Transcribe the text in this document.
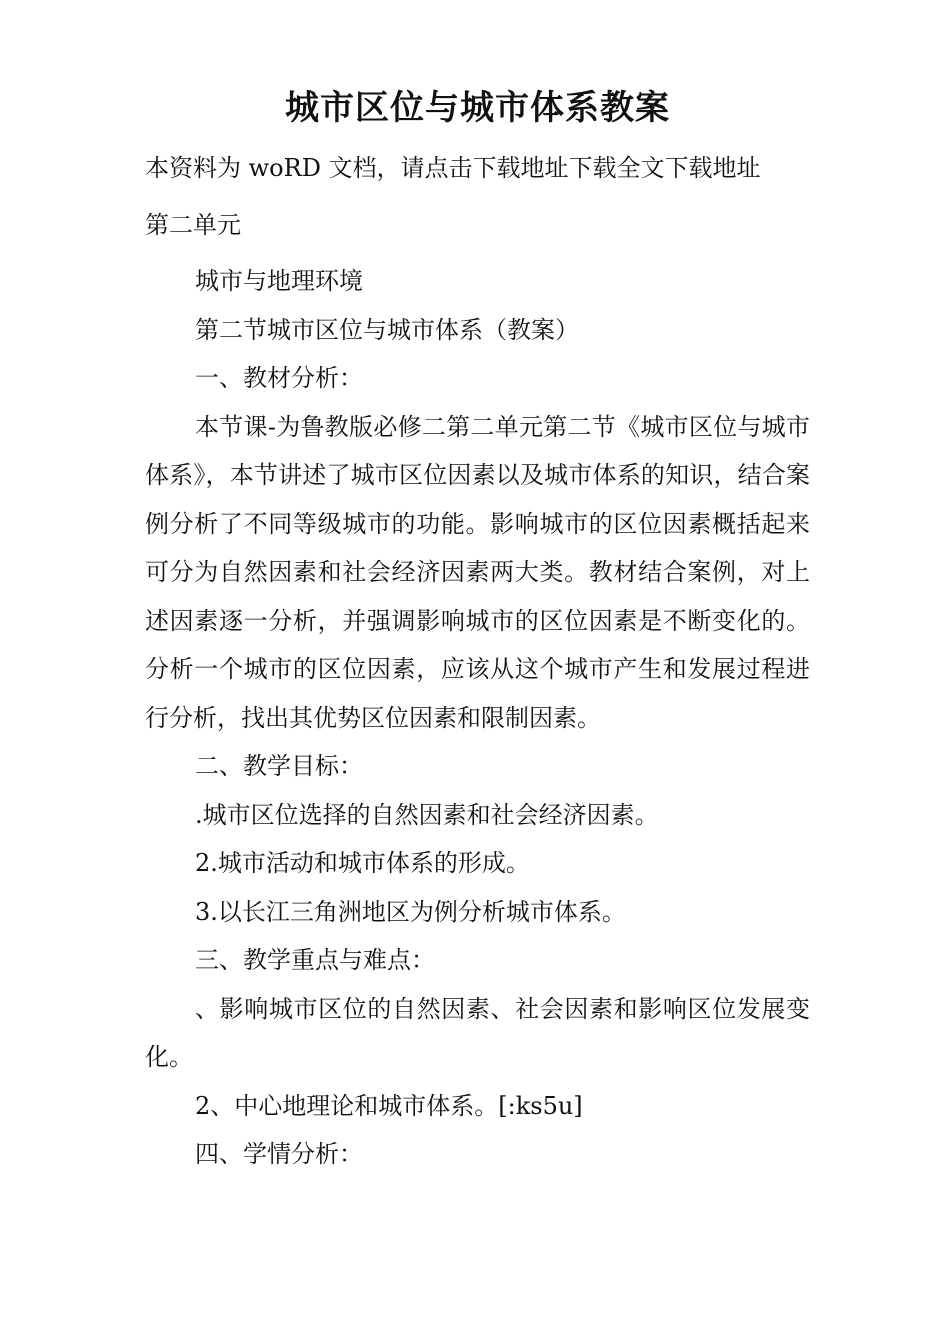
城市区位与城市体系教案

本资料为 woRD 文档，请点击下载地址下载全文下载地址

第二单元

城市与地理环境

第二节城市区位与城市体系（教案）

一、教材分析：

本节课-为鲁教版必修二第二单元第二节《城市区位与城市体系》，本节讲述了城市区位因素以及城市体系的知识，结合案例分析了不同等级城市的功能。影响城市的区位因素概括起来可分为自然因素和社会经济因素两大类。教材结合案例，对上述因素逐一分析，并强调影响城市的区位因素是不断变化的。分析一个城市的区位因素，应该从这个城市产生和发展过程进行分析，找出其优势区位因素和限制因素。

二、教学目标：

.城市区位选择的自然因素和社会经济因素。

2.城市活动和城市体系的形成。

3.以长江三角洲地区为例分析城市体系。

三、教学重点与难点：

、影响城市区位的自然因素、社会因素和影响区位发展变化。

2、中心地理论和城市体系。[:ks5u]

四、学情分析：
